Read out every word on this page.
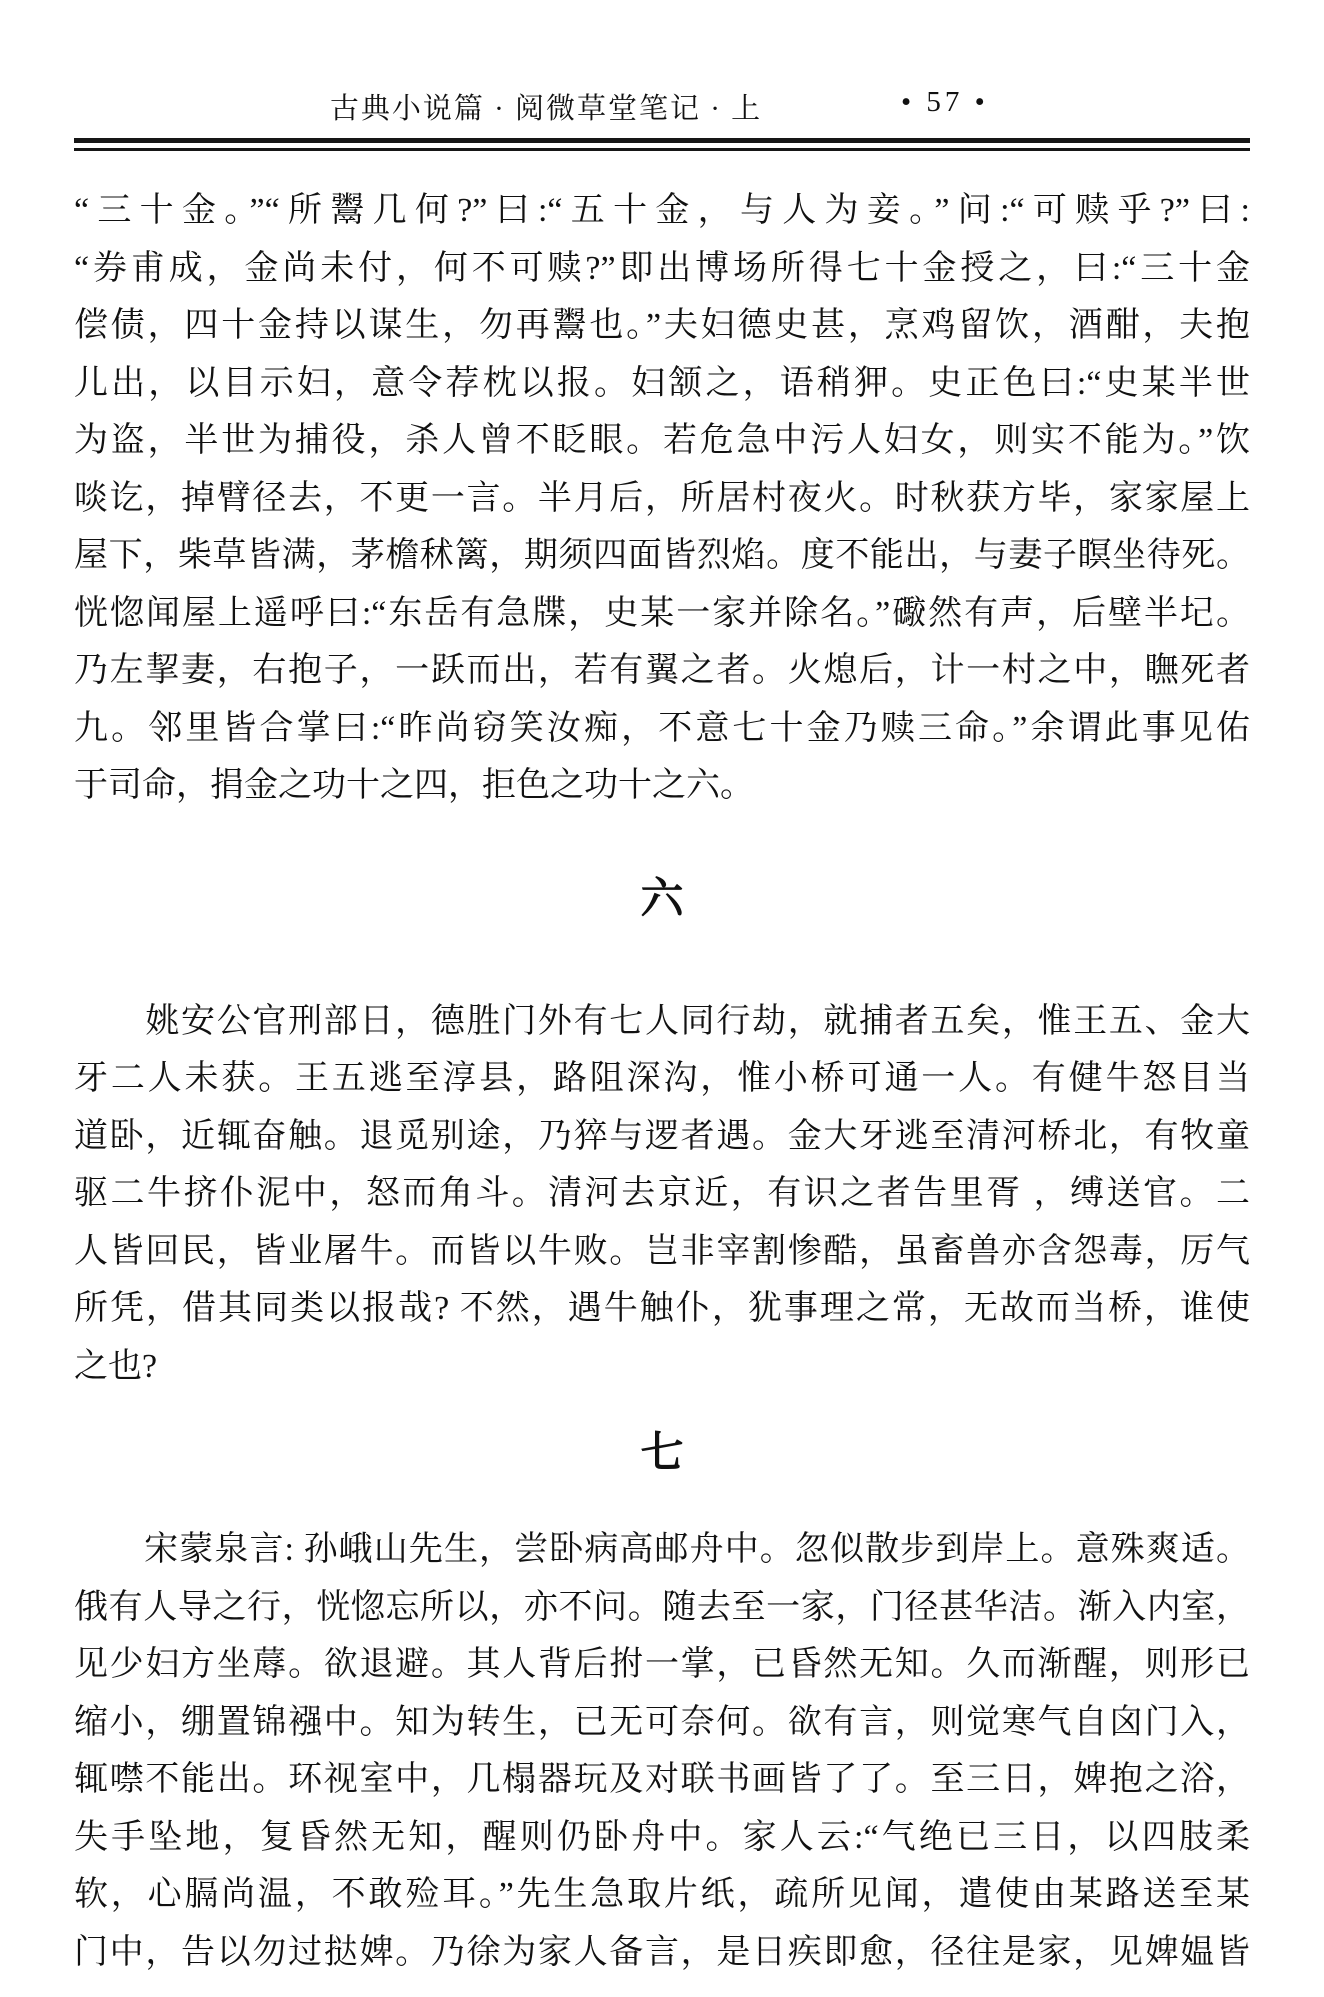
古典小说篇 · 阅微草堂笔记 · 上	• 57 •
“三十金。”“所鬻几何?”曰:“五十金，与人为妾。”问:“可赎乎?”曰:
“券甫成，金尚未付，何不可赎?”即出博场所得七十金授之，曰:“三十金
偿债，四十金持以谋生，勿再鬻也。”夫妇德史甚，烹鸡留饮，酒酣，夫抱
儿出，以目示妇，意令荐枕以报。妇颔之，语稍狎。史正色曰:“史某半世
为盗，半世为捕役，杀人曾不眨眼。若危急中污人妇女，则实不能为。”饮
啖讫，掉臂径去，不更一言。半月后，所居村夜火。时秋获方毕，家家屋上
屋下，柴草皆满，茅檐秫篱，期须四面皆烈焰。度不能出，与妻子瞑坐待死。
恍惚闻屋上遥呼曰:“东岳有急牒，史某一家并除名。”礮然有声，后壁半圮。
乃左挈妻，右抱子，一跃而出，若有翼之者。火熄后，计一村之中，瞴死者
九。邻里皆合掌曰:“昨尚窃笑汝痴，不意七十金乃赎三命。”余谓此事见佑
于司命，捐金之功十之四，拒色之功十之六。
六
　　姚安公官刑部日，德胜门外有七人同行劫，就捕者五矣，惟王五、金大
牙二人未获。王五逃至淳县，路阻深沟，惟小桥可通一人。有健牛怒目当
道卧，近辄奋触。退觅别途，乃猝与逻者遇。金大牙逃至清河桥北，有牧童
驱二牛挤仆泥中，怒而角斗。清河去京近，有识之者告里胥 ，缚送官。二
人皆回民，皆业屠牛。而皆以牛败。岂非宰割惨酷，虽畜兽亦含怨毒，厉气
所凭，借其同类以报哉? 不然，遇牛触仆，犹事理之常，无故而当桥，谁使
之也?
七
　　宋蒙泉言: 孙峨山先生，尝卧病高邮舟中。忽似散步到岸上。意殊爽适。
俄有人导之行，恍惚忘所以，亦不问。随去至一家，门径甚华洁。渐入内室，
见少妇方坐蓐。欲退避。其人背后拊一掌，已昏然无知。久而渐醒，则形已
缩小，绷置锦襁中。知为转生，已无可奈何。欲有言，则觉寒气自囟门入，
辄噤不能出。环视室中，几榻器玩及对联书画皆了了。至三日，婢抱之浴，
失手坠地，复昏然无知，醒则仍卧舟中。家人云:“气绝已三日，以四肢柔
软，心膈尚温，不敢殓耳。”先生急取片纸，疏所见闻，遣使由某路送至某
门中，告以勿过挞婢。乃徐为家人备言，是日疾即愈，径往是家，见婢媪皆
